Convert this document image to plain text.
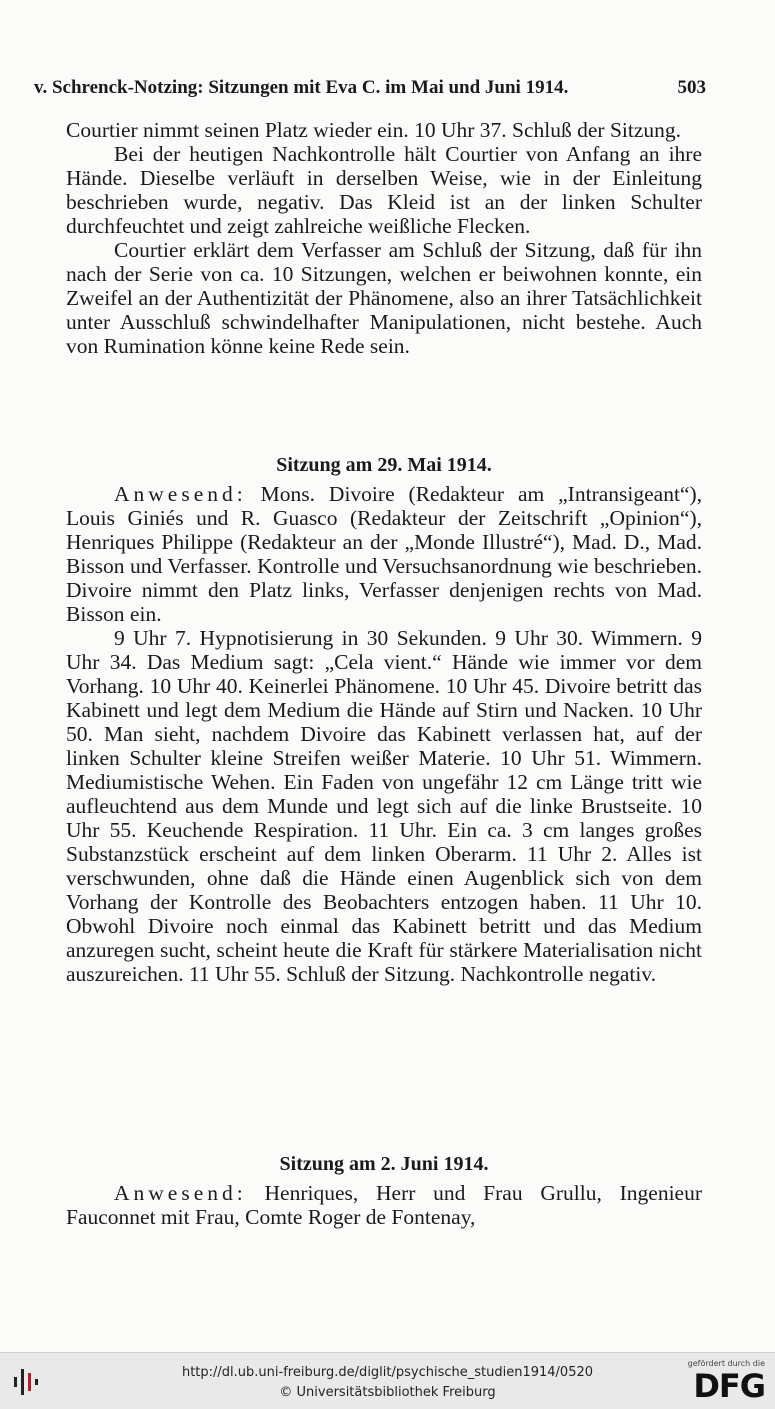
v. Schrenck-Notzing: Sitzungen mit Eva C. im Mai und Juni 1914.	503

Courtier nimmt seinen Platz wieder ein. 10 Uhr 37. Schluß der Sitzung.

Bei der heutigen Nachkontrolle hält Courtier von Anfang an ihre Hände. Dieselbe verläuft in derselben Weise, wie in der Einleitung beschrieben wurde, negativ. Das Kleid ist an der linken Schulter durchfeuchtet und zeigt zahlreiche weißliche Flecken.

Courtier erklärt dem Verfasser am Schluß der Sitzung, daß für ihn nach der Serie von ca. 10 Sitzungen, welchen er beiwohnen konnte, ein Zweifel an der Authentizität der Phänomene, also an ihrer Tatsächlichkeit unter Ausschluß schwindelhafter Manipulationen, nicht bestehe. Auch von Rumination könne keine Rede sein.

Sitzung am 29. Mai 1914.

Anwesend: Mons. Divoire (Redakteur am „Intransigeant“), Louis Giniés und R. Guasco (Redakteur der Zeitschrift „Opinion“), Henriques Philippe (Redakteur an der „Monde Illustré“), Mad. D., Mad. Bisson und Verfasser. Kontrolle und Versuchsanordnung wie beschrieben. Divoire nimmt den Platz links, Verfasser denjenigen rechts von Mad. Bisson ein.

9 Uhr 7. Hypnotisierung in 30 Sekunden. 9 Uhr 30. Wimmern. 9 Uhr 34. Das Medium sagt: „Cela vient.“ Hände wie immer vor dem Vorhang. 10 Uhr 40. Keinerlei Phänomene. 10 Uhr 45. Divoire betritt das Kabinett und legt dem Medium die Hände auf Stirn und Nacken. 10 Uhr 50. Man sieht, nachdem Divoire das Kabinett verlassen hat, auf der linken Schulter kleine Streifen weißer Materie. 10 Uhr 51. Wimmern. Mediumistische Wehen. Ein Faden von ungefähr 12 cm Länge tritt wie aufleuchtend aus dem Munde und legt sich auf die linke Brustseite. 10 Uhr 55. Keuchende Respiration. 11 Uhr. Ein ca. 3 cm langes großes Substanzstück erscheint auf dem linken Oberarm. 11 Uhr 2. Alles ist verschwunden, ohne daß die Hände einen Augenblick sich von dem Vorhang der Kontrolle des Beobachters entzogen haben. 11 Uhr 10. Obwohl Divoire noch einmal das Kabinett betritt und das Medium anzuregen sucht, scheint heute die Kraft für stärkere Materialisation nicht auszureichen. 11 Uhr 55. Schluß der Sitzung. Nachkontrolle negativ.

Sitzung am 2. Juni 1914.

Anwesend: Henriques, Herr und Frau Grullu, Ingenieur Fauconnet mit Frau, Comte Roger de Fontenay,

http://dl.ub.uni-freiburg.de/diglit/psychische_studien1914/0520
© Universitätsbibliothek Freiburg
gefördert durch die
DFG
